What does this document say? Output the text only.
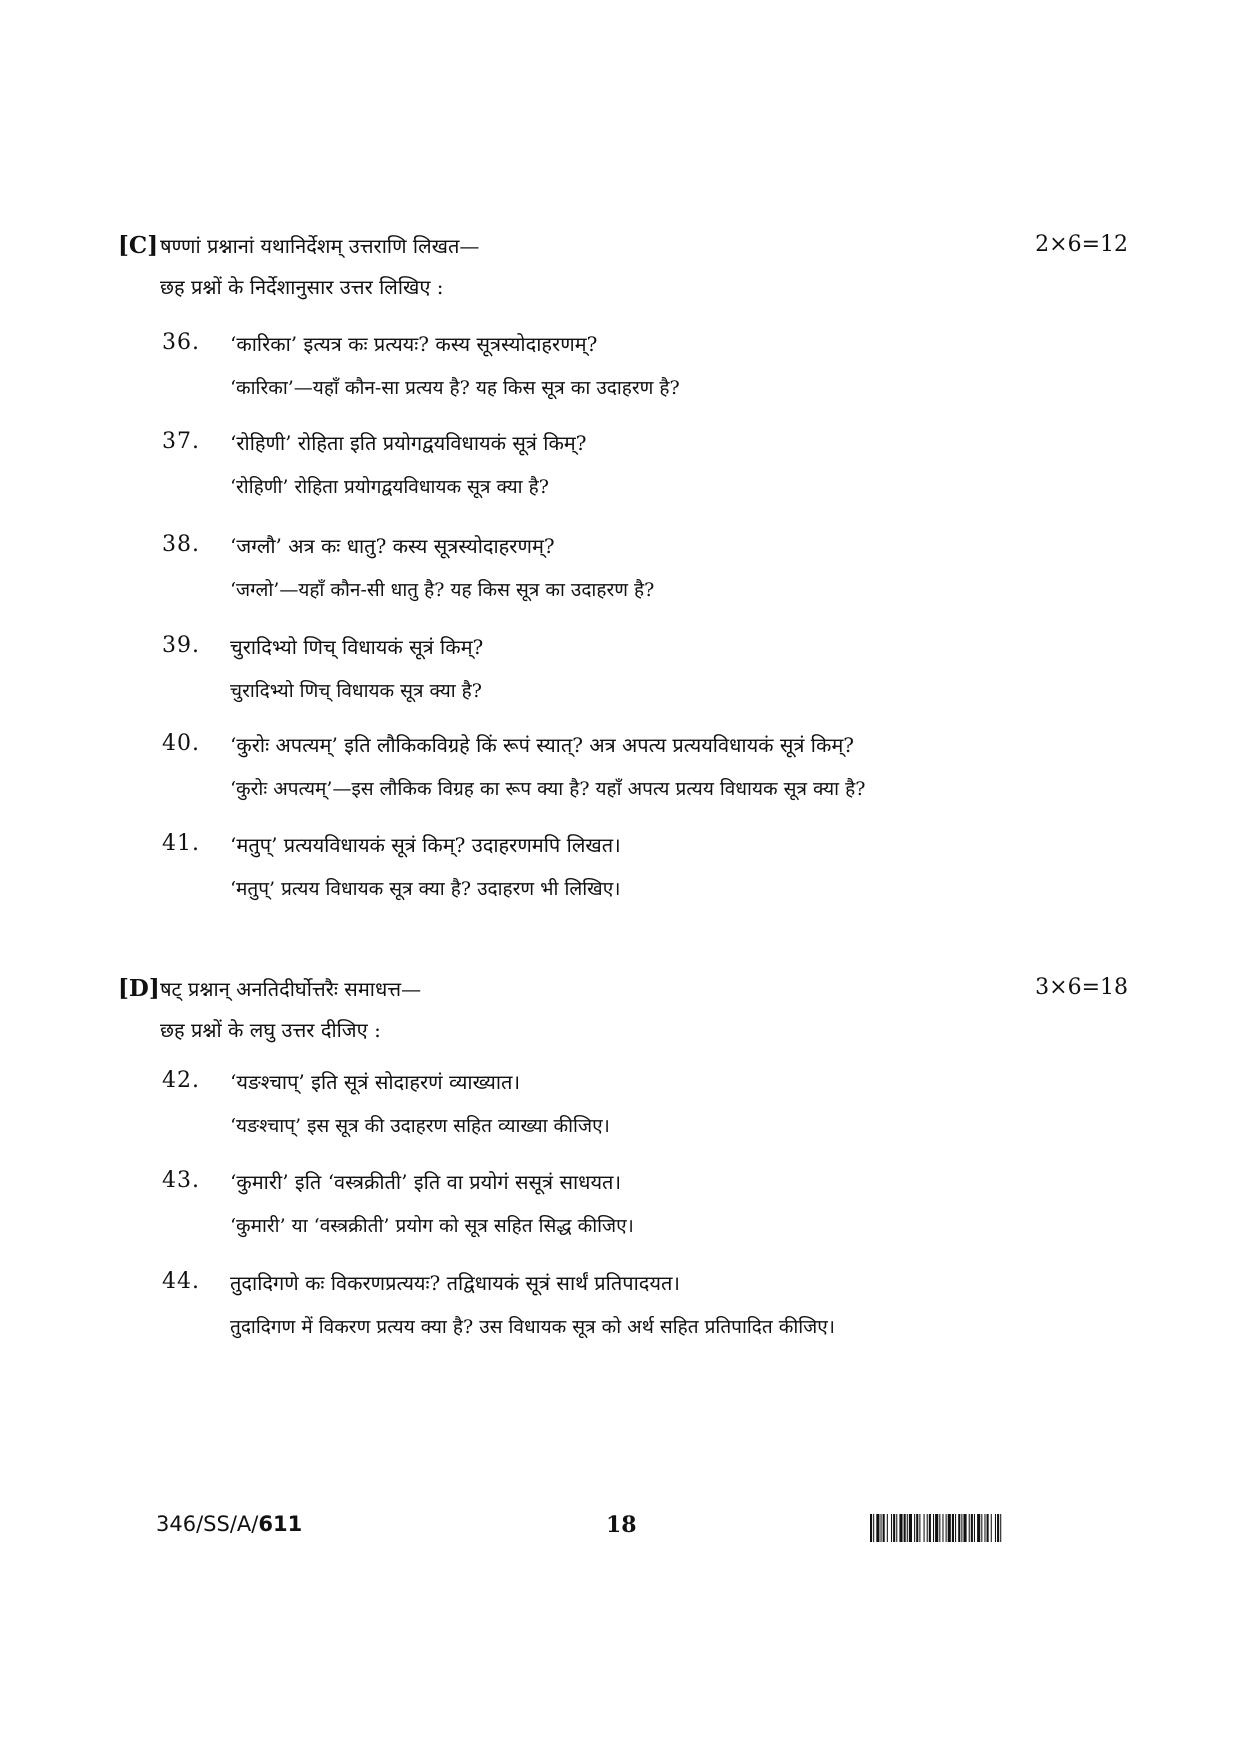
[C] षण्णां प्रश्नानां यथानिर्देशम् उत्तराणि लिखत—	2×6=12
छह प्रश्नों के निर्देशानुसार उत्तर लिखिए :
36. ‘कारिका’ इत्यत्र कः प्रत्ययः? कस्य सूत्रस्योदाहरणम्?
‘कारिका’—यहाँ कौन-सा प्रत्यय है? यह किस सूत्र का उदाहरण है?
37. ‘रोहिणी’ रोहिता इति प्रयोगद्वयविधायकं सूत्रं किम्?
‘रोहिणी’ रोहिता प्रयोगद्वयविधायक सूत्र क्या है?
38. ‘जग्लौ’ अत्र कः धातु? कस्य सूत्रस्योदाहरणम्?
‘जग्लो’—यहाँ कौन-सी धातु है? यह किस सूत्र का उदाहरण है?
39. चुरादिभ्यो णिच् विधायकं सूत्रं किम्?
चुरादिभ्यो णिच् विधायक सूत्र क्या है?
40. ‘कुरोः अपत्यम्’ इति लौकिकविग्रहे किं रूपं स्यात्? अत्र अपत्य प्रत्ययविधायकं सूत्रं किम्?
‘कुरोः अपत्यम्’—इस लौकिक विग्रह का रूप क्या है? यहाँ अपत्य प्रत्यय विधायक सूत्र क्या है?
41. ‘मतुप्’ प्रत्ययविधायकं सूत्रं किम्? उदाहरणमपि लिखत।
‘मतुप्’ प्रत्यय विधायक सूत्र क्या है? उदाहरण भी लिखिए।
[D] षट् प्रश्नान् अनतिदीर्घोत्तरैः समाधत्त—	3×6=18
छह प्रश्नों के लघु उत्तर दीजिए :
42. ‘यङश्चाप्’ इति सूत्रं सोदाहरणं व्याख्यात।
‘यङश्चाप्’ इस सूत्र की उदाहरण सहित व्याख्या कीजिए।
43. ‘कुमारी’ इति ‘वस्त्रक्रीती’ इति वा प्रयोगं ससूत्रं साधयत।
‘कुमारी’ या ‘वस्त्रक्रीती’ प्रयोग को सूत्र सहित सिद्ध कीजिए।
44. तुदादिगणे कः विकरणप्रत्ययः? तद्विधायकं सूत्रं सार्थं प्रतिपादयत।
तुदादिगण में विकरण प्रत्यय क्या है? उस विधायक सूत्र को अर्थ सहित प्रतिपादित कीजिए।
346/SS/A/611	18
